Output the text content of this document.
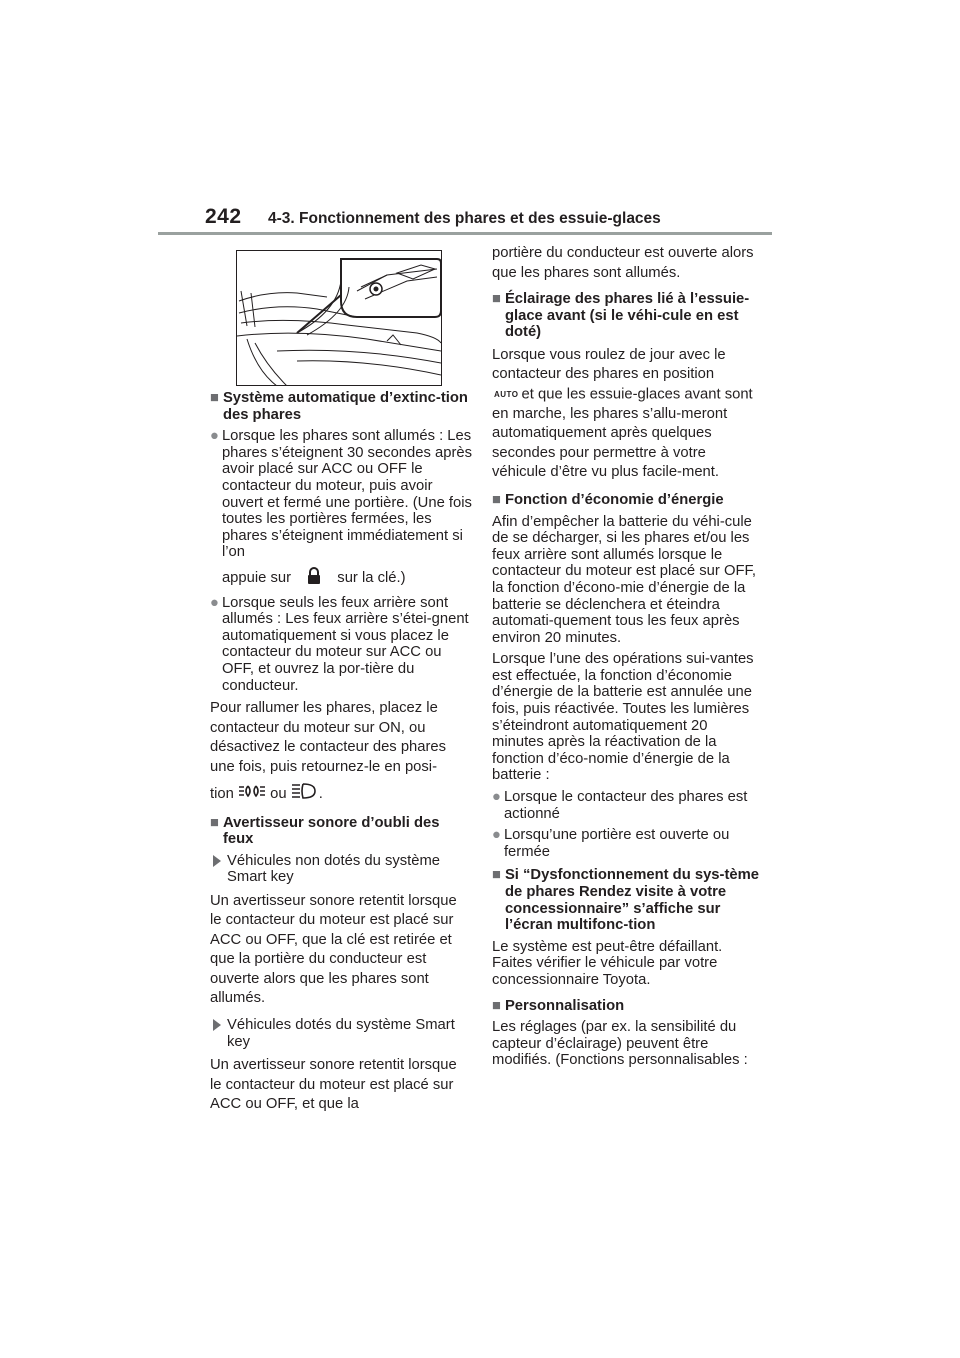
242 4-3. Fonctionnement des phares et des essuie-glaces
■ Système automatique d’extinc-tion des phares
● Lorsque les phares sont allumés : Les phares s’éteignent 30 secondes après avoir placé sur ACC ou OFF le contacteur du moteur, puis avoir ouvert et fermé une portière. (Une fois toutes les portières fermées, les phares s’éteignent immédiatement si l’on
appuie sur	sur la clé.)
● Lorsque seuls les feux arrière sont allumés : Les feux arrière s’étei-gnent automatiquement si vous placez le contacteur du moteur sur ACC ou OFF, et ouvrez la por-tière du conducteur.
Pour rallumer les phares, placez le contacteur du moteur sur ON, ou désactivez le contacteur des phares une fois, puis retournez-le en posi-
tion ou .
■ Avertisseur sonore d’oubli des feux
Véhicules non dotés du système Smart key
Un avertisseur sonore retentit lorsque le contacteur du moteur est placé sur ACC ou OFF, que la clé est retirée et que la portière du conducteur est ouverte alors que les phares sont allumés.
Véhicules dotés du système Smart key
Un avertisseur sonore retentit lorsque le contacteur du moteur est placé sur ACC ou OFF, et que la
portière du conducteur est ouverte alors que les phares sont allumés.
■ Éclairage des phares lié à l’essuie-glace avant (si le véhi-cule en est doté)
Lorsque vous roulez de jour avec le contacteur des phares en position AUTO et que les essuie-glaces avant sont en marche, les phares s’allu-meront automatiquement après quelques secondes pour permettre à votre véhicule d’être vu plus facile-ment.
■ Fonction d’économie d’énergie
Afin d’empêcher la batterie du véhi-cule de se décharger, si les phares et/ou les feux arrière sont allumés lorsque le contacteur du moteur est placé sur OFF, la fonction d’écono-mie d’énergie de la batterie se déclenchera et éteindra automati-quement tous les feux après environ 20 minutes.
Lorsque l’une des opérations sui-vantes est effectuée, la fonction d’économie d’énergie de la batterie est annulée une fois, puis réactivée. Toutes les lumières s’éteindront automatiquement 20 minutes après la réactivation de la fonction d’éco-nomie d’énergie de la batterie :
● Lorsque le contacteur des phares est actionné
● Lorsqu’une portière est ouverte ou fermée
■ Si “Dysfonctionnement du sys-tème de phares Rendez visite à votre concessionnaire” s’affiche sur l’écran multifonc-tion
Le système est peut-être défaillant. Faites vérifier le véhicule par votre concessionnaire Toyota.
■ Personnalisation
Les réglages (par ex. la sensibilité du capteur d’éclairage) peuvent être modifiés. (Fonctions personnalisables :
